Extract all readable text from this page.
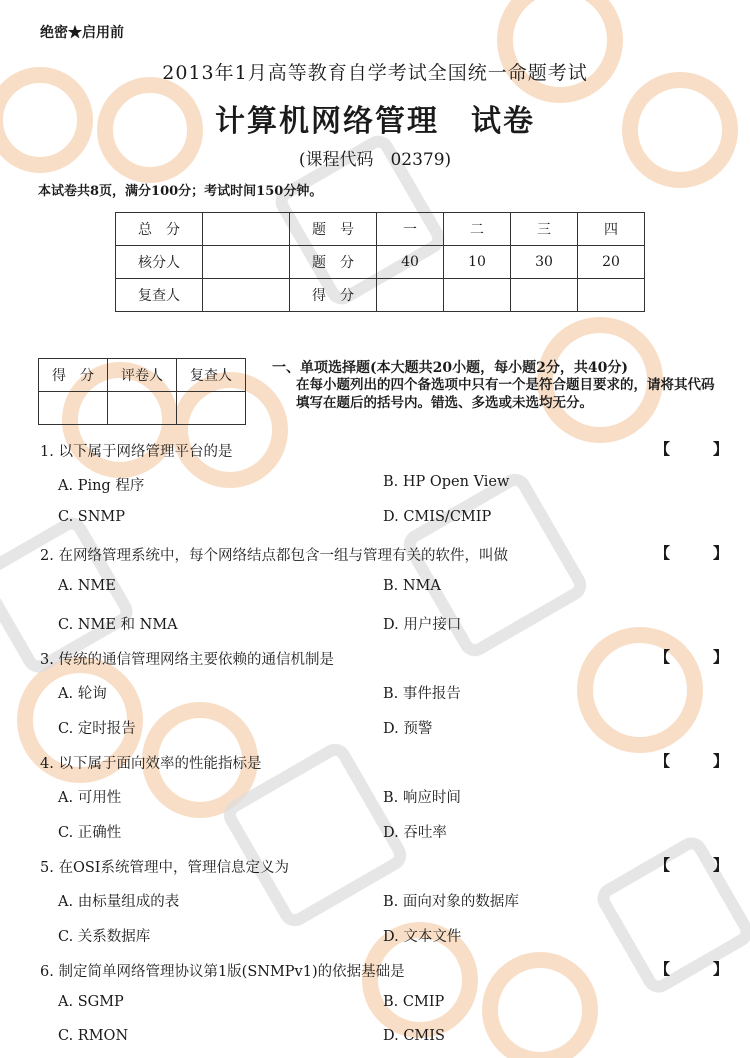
绝密★启用前
2013年1月高等教育自学考试全国统一命题考试
计算机网络管理　试卷
(课程代码　02379)
本试卷共8页，满分100分；考试时间150分钟。
总　分		题　号	一	二	三	四
核分人		题　分	40	10	30	20
复查人		得　分				
得　分	评卷人	复查人
			一、单项选择题(本大题共20小题，每小题2分，共40分)
在每小题列出的四个备选项中只有一个是符合题目要求的，请将其代码填写在题后的括号内。错选、多选或未选均无分。
1. 以下属于网络管理平台的是	【	】
A. Ping 程序	B. HP Open View
C. SNMP	D. CMIS/CMIP
2. 在网络管理系统中，每个网络结点都包含一组与管理有关的软件，叫做	【	】
A. NME	B. NMA
C. NME 和 NMA	D. 用户接口
3. 传统的通信管理网络主要依赖的通信机制是	【	】
A. 轮询	B. 事件报告
C. 定时报告	D. 预警
4. 以下属于面向效率的性能指标是	【	】
A. 可用性	B. 响应时间
C. 正确性	D. 吞吐率
5. 在OSI系统管理中，管理信息定义为	【	】
A. 由标量组成的表	B. 面向对象的数据库
C. 关系数据库	D. 文本文件
6. 制定简单网络管理协议第1版(SNMPv1)的依据基础是	【	】
A. SGMP	B. CMIP
C. RMON	D. CMIS
